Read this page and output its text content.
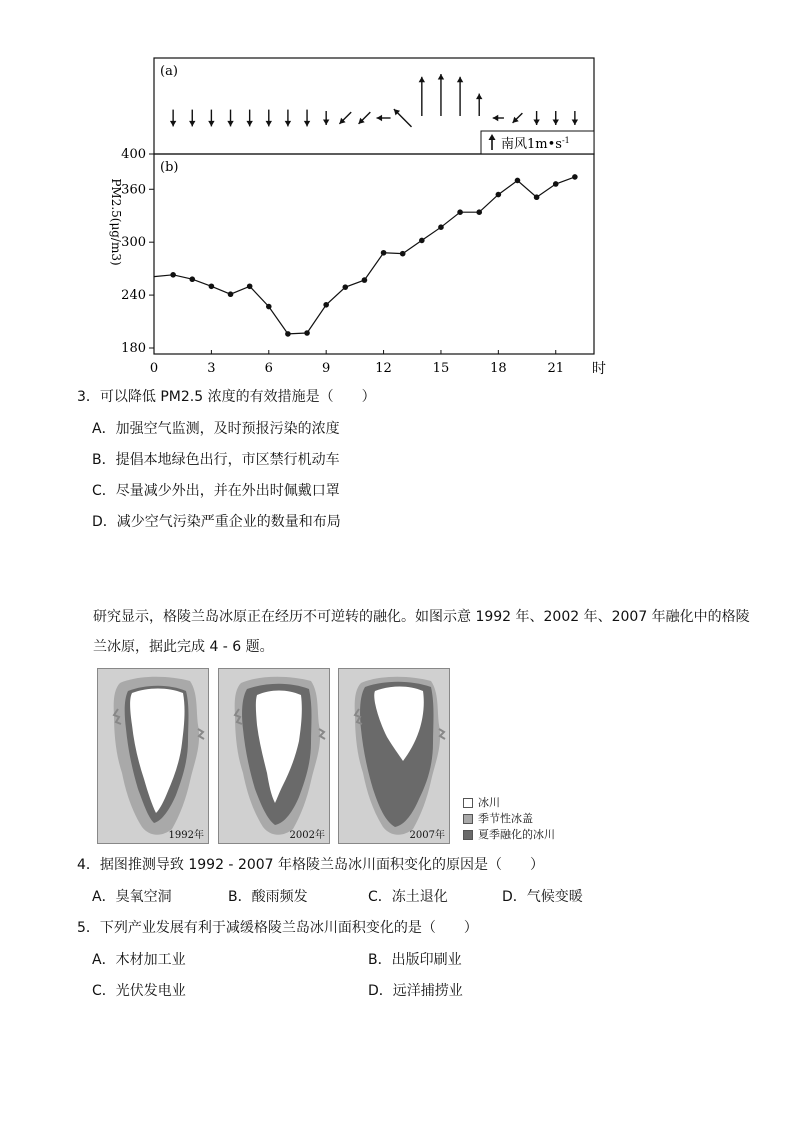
(a)
南风$1m•s^{-1}$
(b)
PM2.5(μg/m3)
180
240
300
360
400
0	3	6	9	12	15	18	21 时
3．可以降低 PM2.5 浓度的有效措施是（　　）
A．加强空气监测，及时预报污染的浓度
B．提倡本地绿色出行，市区禁行机动车
C．尽量减少外出，并在外出时佩戴口罩
D．减少空气污染严重企业的数量和布局
研究显示，格陵兰岛冰原正在经历不可逆转的融化。如图示意 1992 年、2002 年、2007 年融化中的格陵
兰冰原，据此完成 4 - 6 题。
1992年	2002年	2007年
冰川
季节性冰盖
夏季融化的冰川
4．据图推测导致 1992 - 2007 年格陵兰岛冰川面积变化的原因是（　　）
A．臭氧空洞	B．酸雨频发	C．冻土退化	D．气候变暖
5．下列产业发展有利于减缓格陵兰岛冰川面积变化的是（　　）
A．木材加工业	B．出版印刷业
C．光伏发电业	D．远洋捕捞业
